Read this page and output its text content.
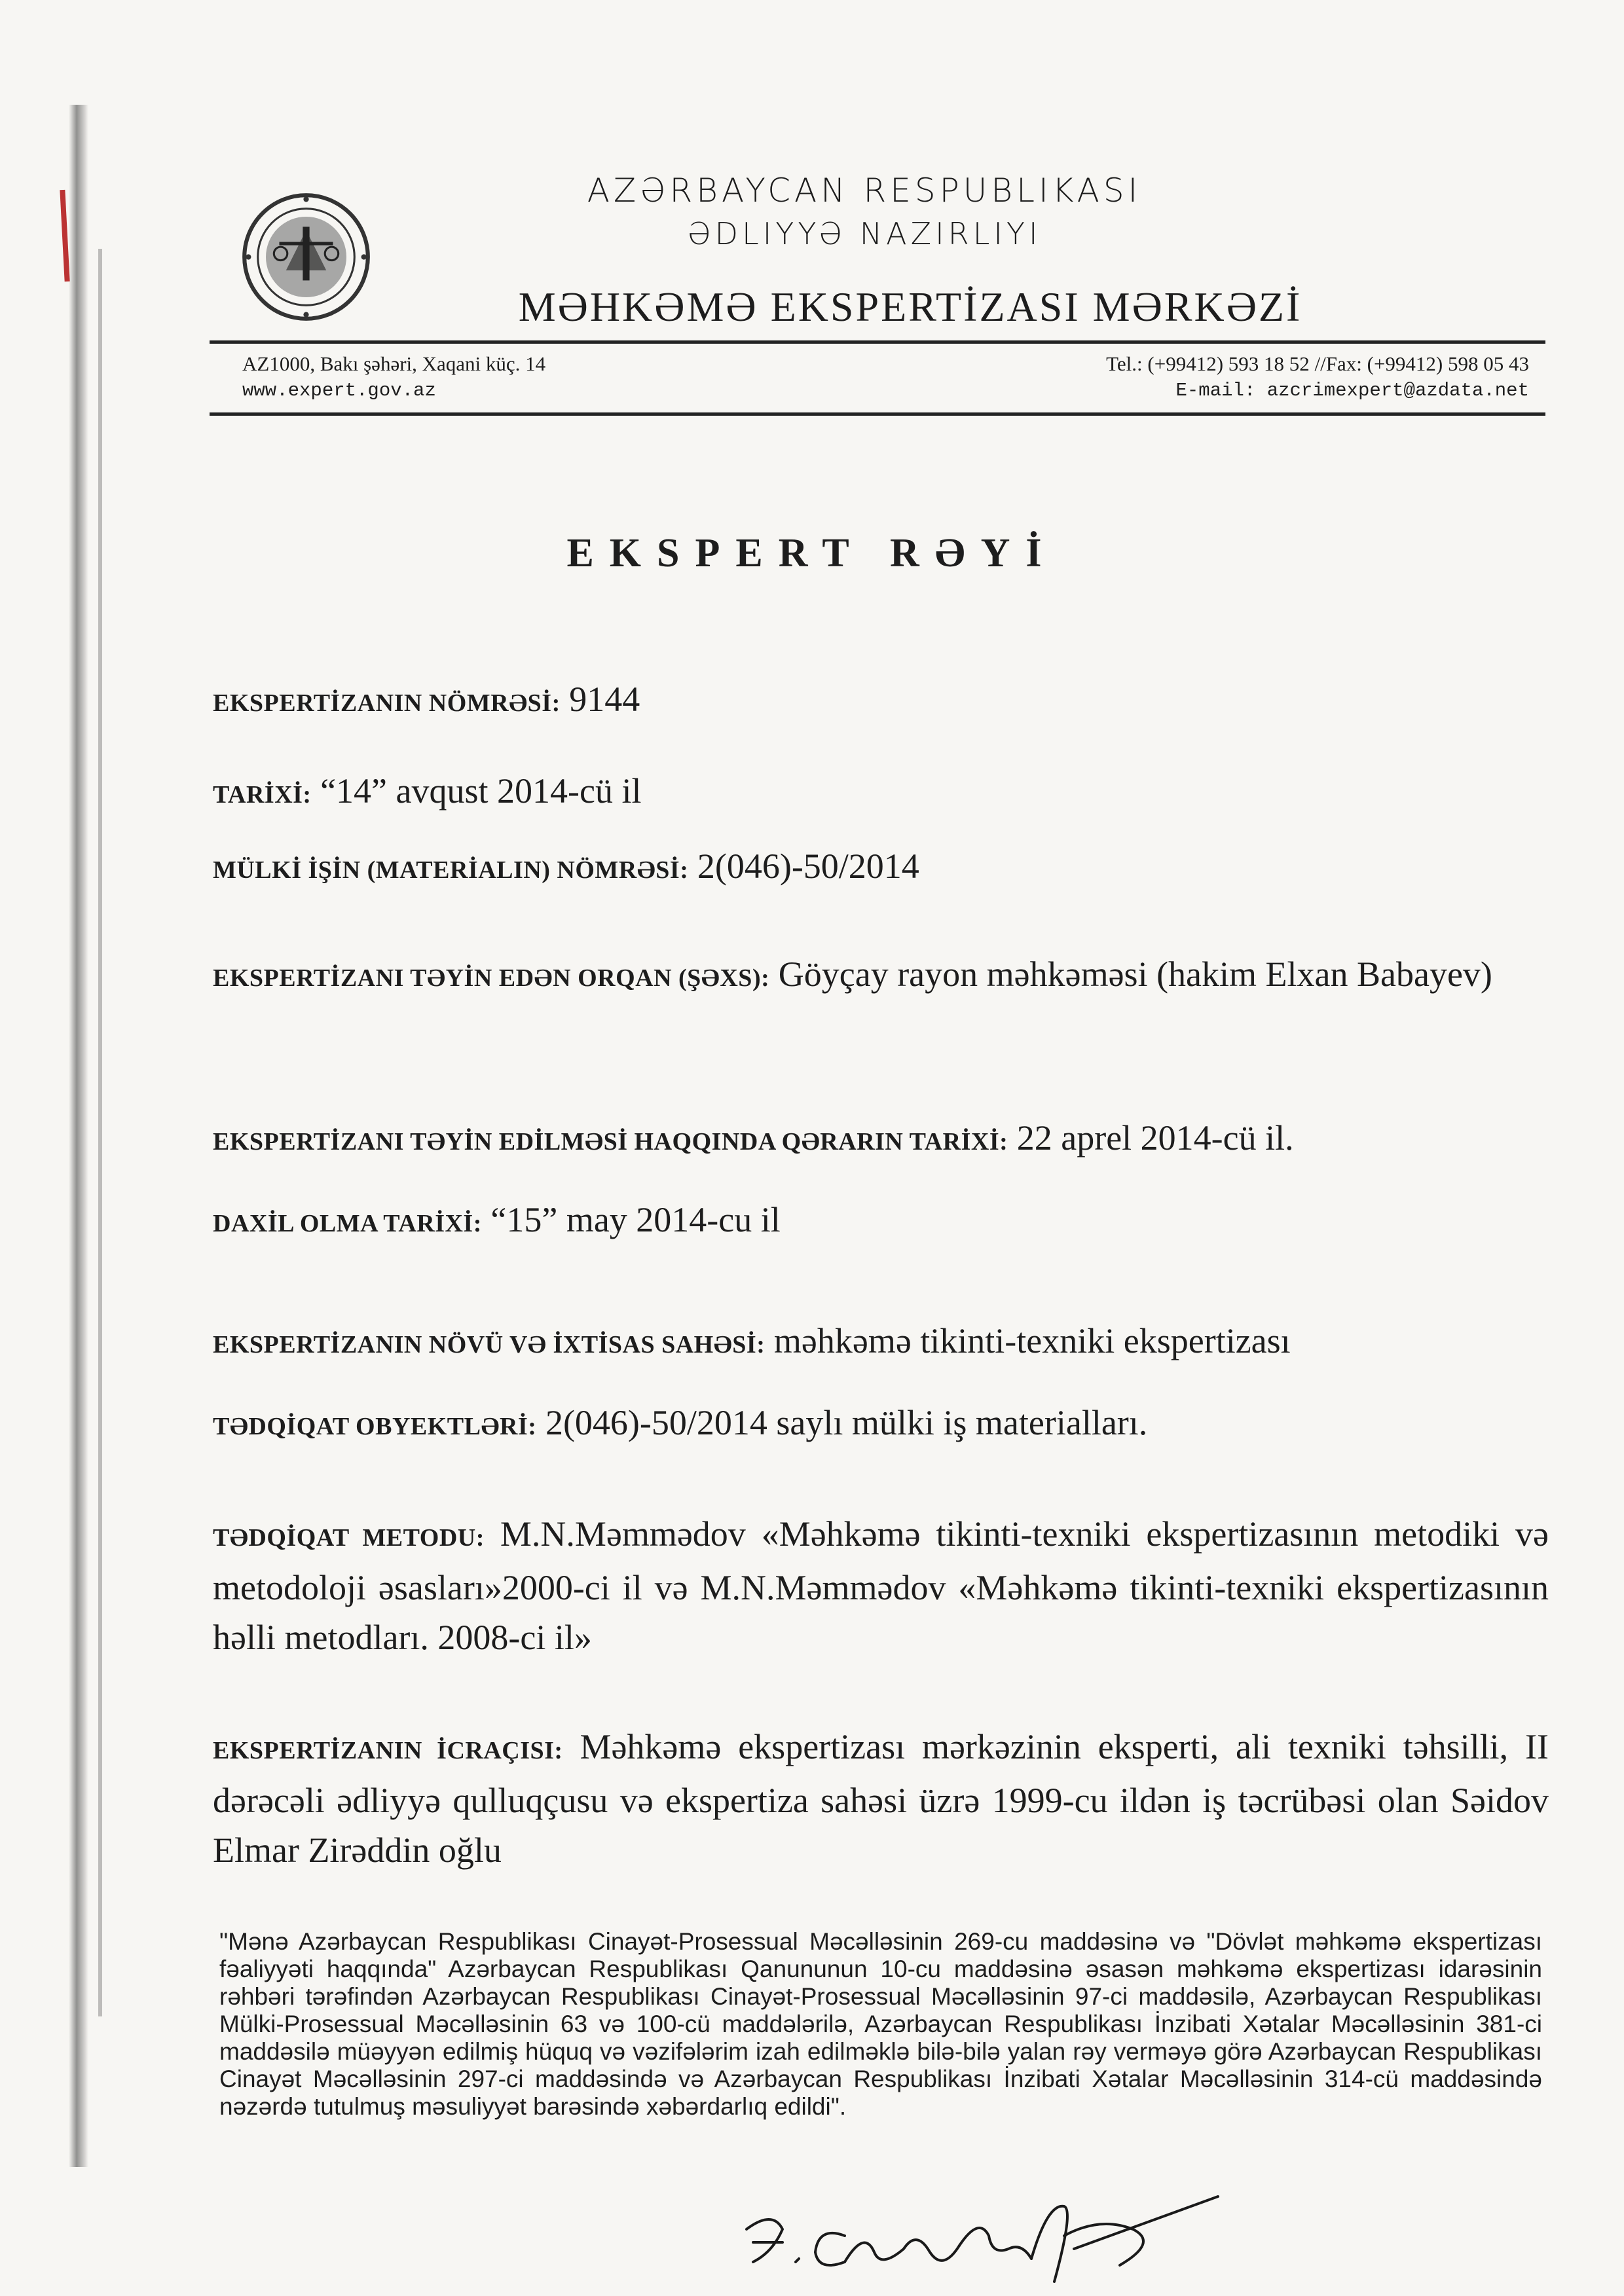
AZƏRBAYCAN RESPUBLIKASI
ƏDLIYYƏ NAZIRLIYI
MƏHKƏMƏ EKSPERTİZASI MƏRKƏZİ
AZ1000, Bakı şəhəri, Xaqani küç. 14
www.expert.gov.az
Tel.: (+99412) 593 18 52 //Fax: (+99412) 598 05 43
E-mail: azcrimexpert@azdata.net
EKSPERT RƏYİ
EKSPERTİZANIN NÖMRƏSİ: 9144
TARİXİ: “14” avqust 2014-cü il
MÜLKİ İŞİN (MATERİALIN) NÖMRƏSİ: 2(046)-50/2014
EKSPERTİZANI TƏYİN EDƏN ORQAN (ŞƏXS): Göyçay rayon məhkəməsi (hakim Elxan Babayev)
EKSPERTİZANI TƏYİN EDİLMƏSİ HAQQINDA QƏRARIN TARİXİ: 22 aprel 2014-cü il.
DAXİL OLMA TARİXİ: “15” may 2014-cu il
EKSPERTİZANIN NÖVÜ VƏ İXTİSAS SAHƏSİ: məhkəmə tikinti-texniki ekspertizası
TƏDQİQAT OBYEKTLƏRİ: 2(046)-50/2014 saylı mülki iş materialları.
TƏDQİQAT METODU: M.N.Məmmədov «Məhkəmə tikinti-texniki ekspertizasının metodiki və metodoloji əsasları»2000-ci il və M.N.Məmmədov «Məhkəmə tikinti-texniki ekspertizasının həlli metodları. 2008-ci il»
EKSPERTİZANIN İCRAÇISI: Məhkəmə ekspertizası mərkəzinin eksperti, ali texniki təhsilli, II dərəcəli ədliyyə qulluqçusu və ekspertiza sahəsi üzrə 1999-cu ildən iş təcrübəsi olan Səidov Elmar Zirəddin oğlu
"Mənə Azərbaycan Respublikası Cinayət-Prosessual Məcəlləsinin 269-cu maddəsinə və "Dövlət məhkəmə ekspertizası fəaliyyəti haqqında" Azərbaycan Respublikası Qanununun 10-cu maddəsinə əsasən məhkəmə ekspertizası idarəsinin rəhbəri tərəfindən Azərbaycan Respublikası Cinayət-Prosessual Məcəlləsinin 97-ci maddəsilə, Azərbaycan Respublikası Mülki-Prosessual Məcəlləsinin 63 və 100-cü maddələrilə, Azərbaycan Respublikası İnzibati Xətalar Məcəlləsinin 381-ci maddəsilə müəyyən edilmiş hüquq və vəzifələrim izah edilməklə bilə-bilə yalan rəy verməyə görə Azərbaycan Respublikası Cinayət Məcəlləsinin 297-ci maddəsində və Azərbaycan Respublikası İnzibati Xətalar Məcəlləsinin 314-cü maddəsində nəzərdə tutulmuş məsuliyyət barəsində xəbərdarlıq edildi".
